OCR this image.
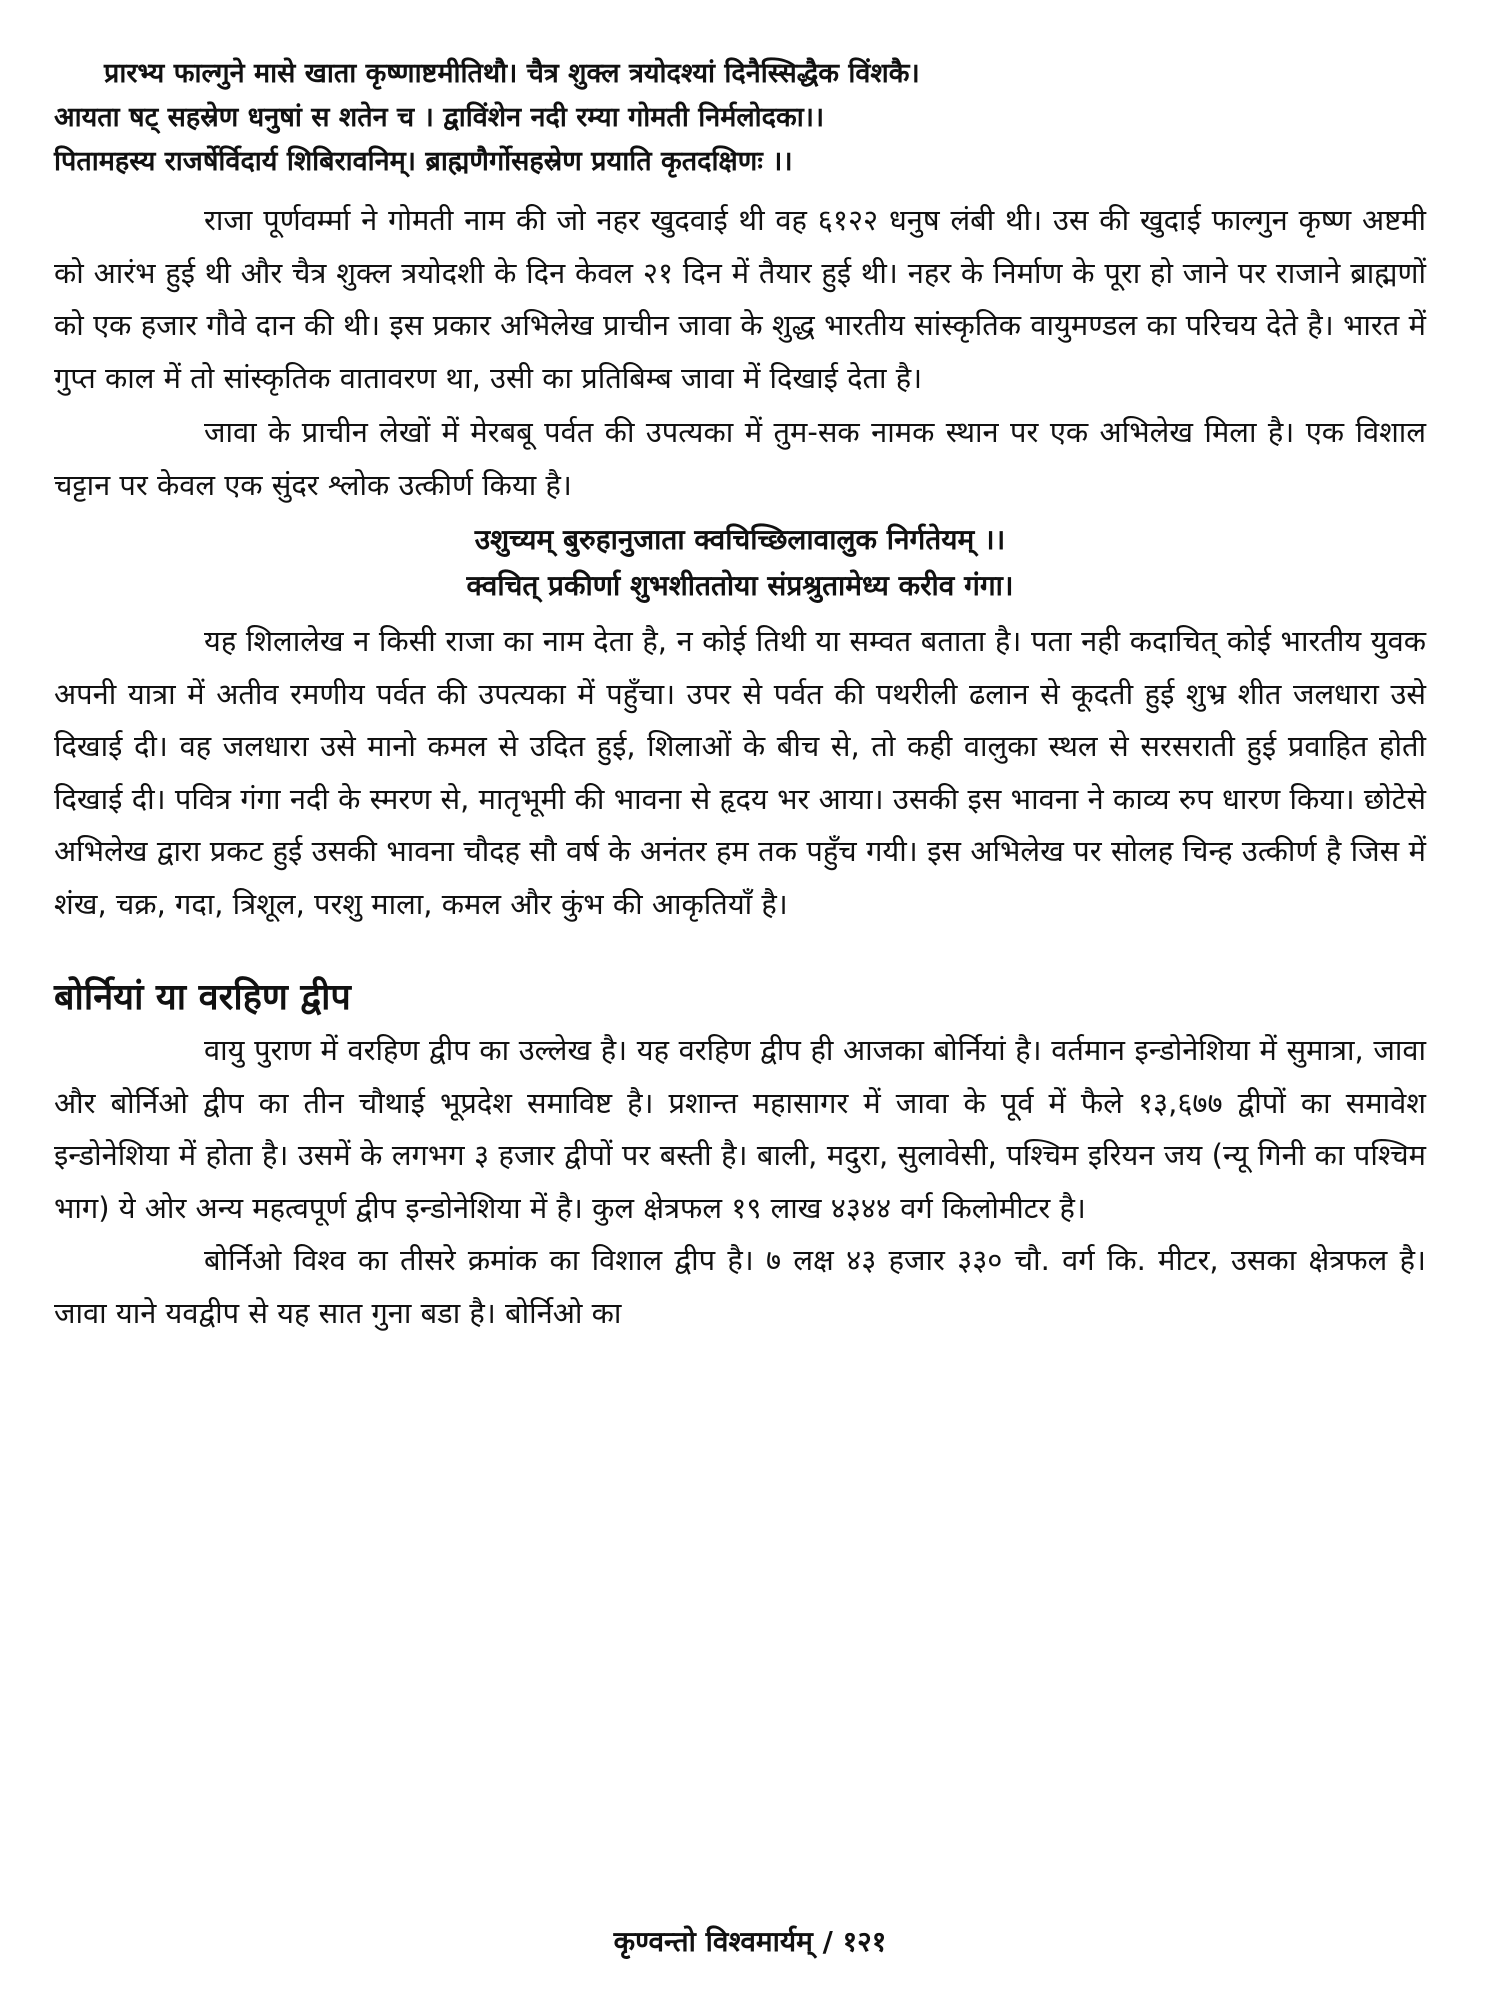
प्रारभ्य फाल्गुने मासे खाता कृष्णाष्टमीतिथौ। चैत्र शुक्ल त्रयोदश्यां दिनैस्सिद्धैक विंशकै।
आयता षट् सहस्रेण धनुषां स शतेन च । द्वाविंशेन नदी रम्या गोमती निर्मलोदका।।
पितामहस्य राजर्षेर्विदार्य शिबिरावनिम्। ब्राह्मणैर्गोसहस्रेण प्रयाति कृतदक्षिणः ।।

राजा पूर्णवर्म्मा ने गोमती नाम की जो नहर खुदवाई थी वह ६१२२ धनुष लंबी थी। उस की खुदाई फाल्गुन कृष्ण अष्टमी को आरंभ हुई थी और चैत्र शुक्ल त्रयोदशी के दिन केवल २१ दिन में तैयार हुई थी। नहर के निर्माण के पूरा हो जाने पर राजाने ब्राह्मणों को एक हजार गौवे दान की थी। इस प्रकार अभिलेख प्राचीन जावा के शुद्ध भारतीय सांस्कृतिक वायुमण्डल का परिचय देते है। भारत में गुप्त काल में तो सांस्कृतिक वातावरण था, उसी का प्रतिबिम्ब जावा में दिखाई देता है।

जावा के प्राचीन लेखों में मेरबबू पर्वत की उपत्यका में तुम-सक नामक स्थान पर एक अभिलेख मिला है। एक विशाल चट्टान पर केवल एक सुंदर श्लोक उत्कीर्ण किया है।

उशुच्यम् बुरुहानुजाता क्वचिच्छिलावालुक निर्गतेयम् ।।
क्वचित् प्रकीर्णा शुभशीततोया संप्रश्रुतामेध्य करीव गंगा।

यह शिलालेख न किसी राजा का नाम देता है, न कोई तिथी या सम्वत बताता है। पता नही कदाचित् कोई भारतीय युवक अपनी यात्रा में अतीव रमणीय पर्वत की उपत्यका में पहुँचा। उपर से पर्वत की पथरीली ढलान से कूदती हुई शुभ्र शीत जलधारा उसे दिखाई दी। वह जलधारा उसे मानो कमल से उदित हुई, शिलाओं के बीच से, तो कही वालुका स्थल से सरसराती हुई प्रवाहित होती दिखाई दी। पवित्र गंगा नदी के स्मरण से, मातृभूमी की भावना से हृदय भर आया। उसकी इस भावना ने काव्य रुप धारण किया। छोटेसे अभिलेख द्वारा प्रकट हुई उसकी भावना चौदह सौ वर्ष के अनंतर हम तक पहुँच गयी। इस अभिलेख पर सोलह चिन्ह उत्कीर्ण है जिस में शंख, चक्र, गदा, त्रिशूल, परशु माला, कमल और कुंभ की आकृतियाँ है।

बोर्नियां या वरहिण द्वीप

वायु पुराण में वरहिण द्वीप का उल्लेख है। यह वरहिण द्वीप ही आजका बोर्नियां है। वर्तमान इन्डोनेशिया में सुमात्रा, जावा और बोर्निओ द्वीप का तीन चौथाई भूप्रदेश समाविष्ट है। प्रशान्त महासागर में जावा के पूर्व में फैले १३,६७७ द्वीपों का समावेश इन्डोनेशिया में होता है। उसमें के लगभग ३ हजार द्वीपों पर बस्ती है। बाली, मदुरा, सुलावेसी, पश्चिम इरियन जय (न्यू गिनी का पश्चिम भाग) ये ओर अन्य महत्वपूर्ण द्वीप इन्डोनेशिया में है। कुल क्षेत्रफल १९ लाख ४३४४ वर्ग किलोमीटर है।

बोर्निओ विश्व का तीसरे क्रमांक का विशाल द्वीप है। ७ लक्ष ४३ हजार ३३० चौ. वर्ग कि. मीटर, उसका क्षेत्रफल है। जावा याने यवद्वीप से यह सात गुना बडा है। बोर्निओ का

कृण्वन्तो विश्वमार्यम् / १२१
